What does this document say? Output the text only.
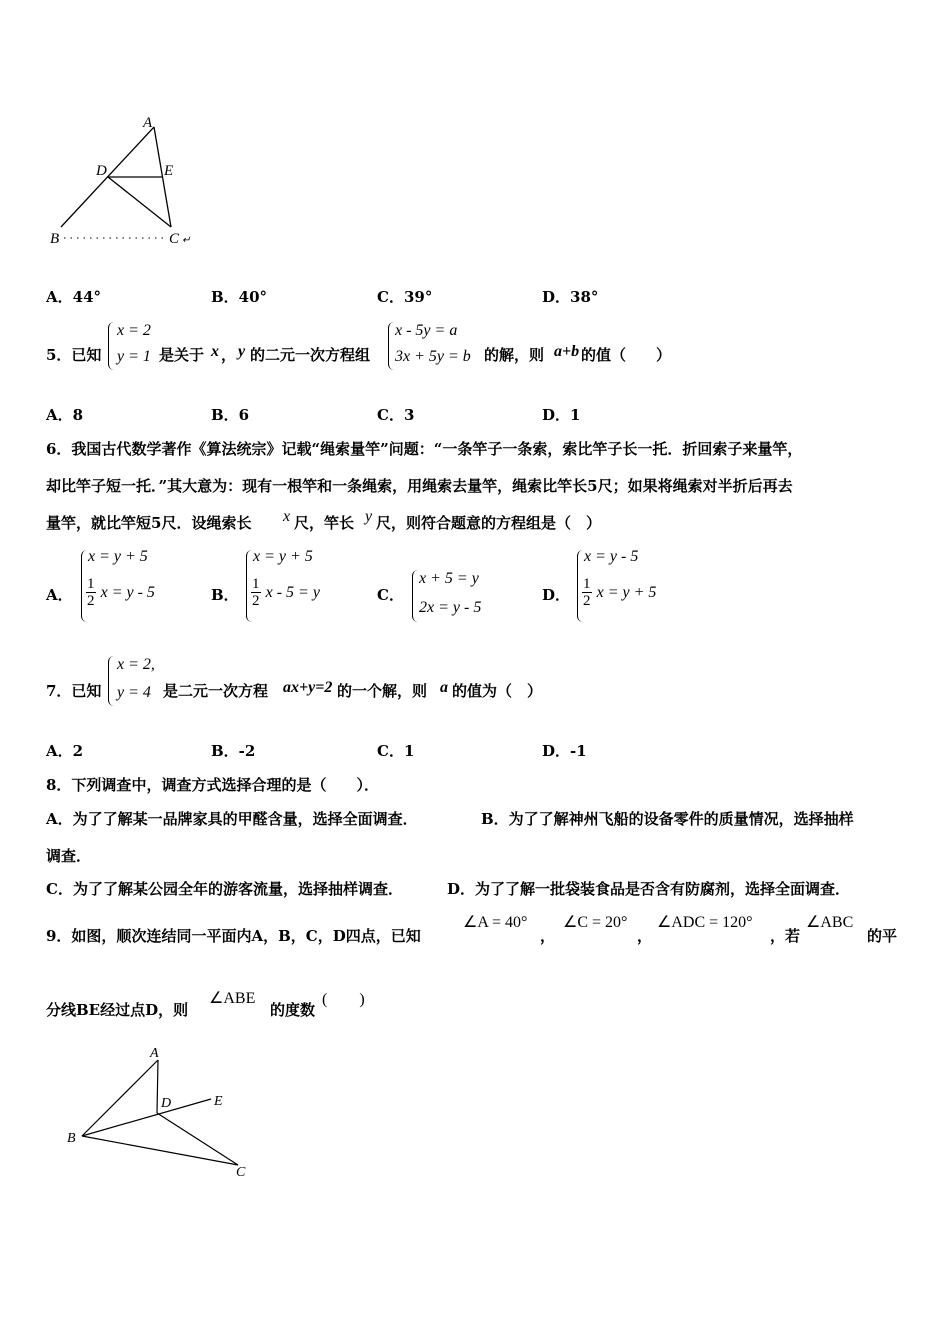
A
D	E
B	C ↵
A．44°	B．40°	C．39°	D．38°
5．已知
x = 2
y = 1 是关于 x ， y 的二元一次方程组
x - 5y = a
3x + 5y = b 的解，则 a+b 的值（　　）
A．8	B．6	C．3	D．1
6．我国古代数学著作《算法统宗》记载“绳索量竿”问题：“一条竿子一条索，索比竿子长一托．折回索子来量竿，
却比竿子短一托．”其大意为：现有一根竿和一条绳索，用绳索去量竿，绳索比竿长5尺；如果将绳索对半折后再去
量竿，就比竿短5尺．设绳索长 x 尺，竿长 y 尺，则符合题意的方程组是（　）
A．
x = y + 5
$\frac{1}{2}$ x = y - 5	B．
x = y + 5
$\frac{1}{2}$ x - 5 = y	C．
x + 5 = y
2x = y - 5
D．
x = y - 5
$\frac{1}{2}$ x = y + 5
7．已知
x = 2,
y = 4 是二元一次方程 ax+y=2 的一个解，则 a 的值为（　）
A．2	B．-2	C．1	D．-1
8．下列调查中，调查方式选择合理的是（　　）．
A．为了了解某一品牌家具的甲醛含量，选择全面调查．	B．为了了解神州飞船的设备零件的质量情况，选择抽样
调查．
C．为了了解某公园全年的游客流量，选择抽样调查．	D．为了了解一批袋装食品是否含有防腐剂，选择全面调查．
9．如图，顺次连结同一平面内A，B，C，D四点，已知
∠A = 40°
，
∠C = 20°
，
∠ADC = 120°
，若
∠ABC
的平
分线BE经过点D，则
∠ABE
的度数
(　　)
A
D	E
B
C
